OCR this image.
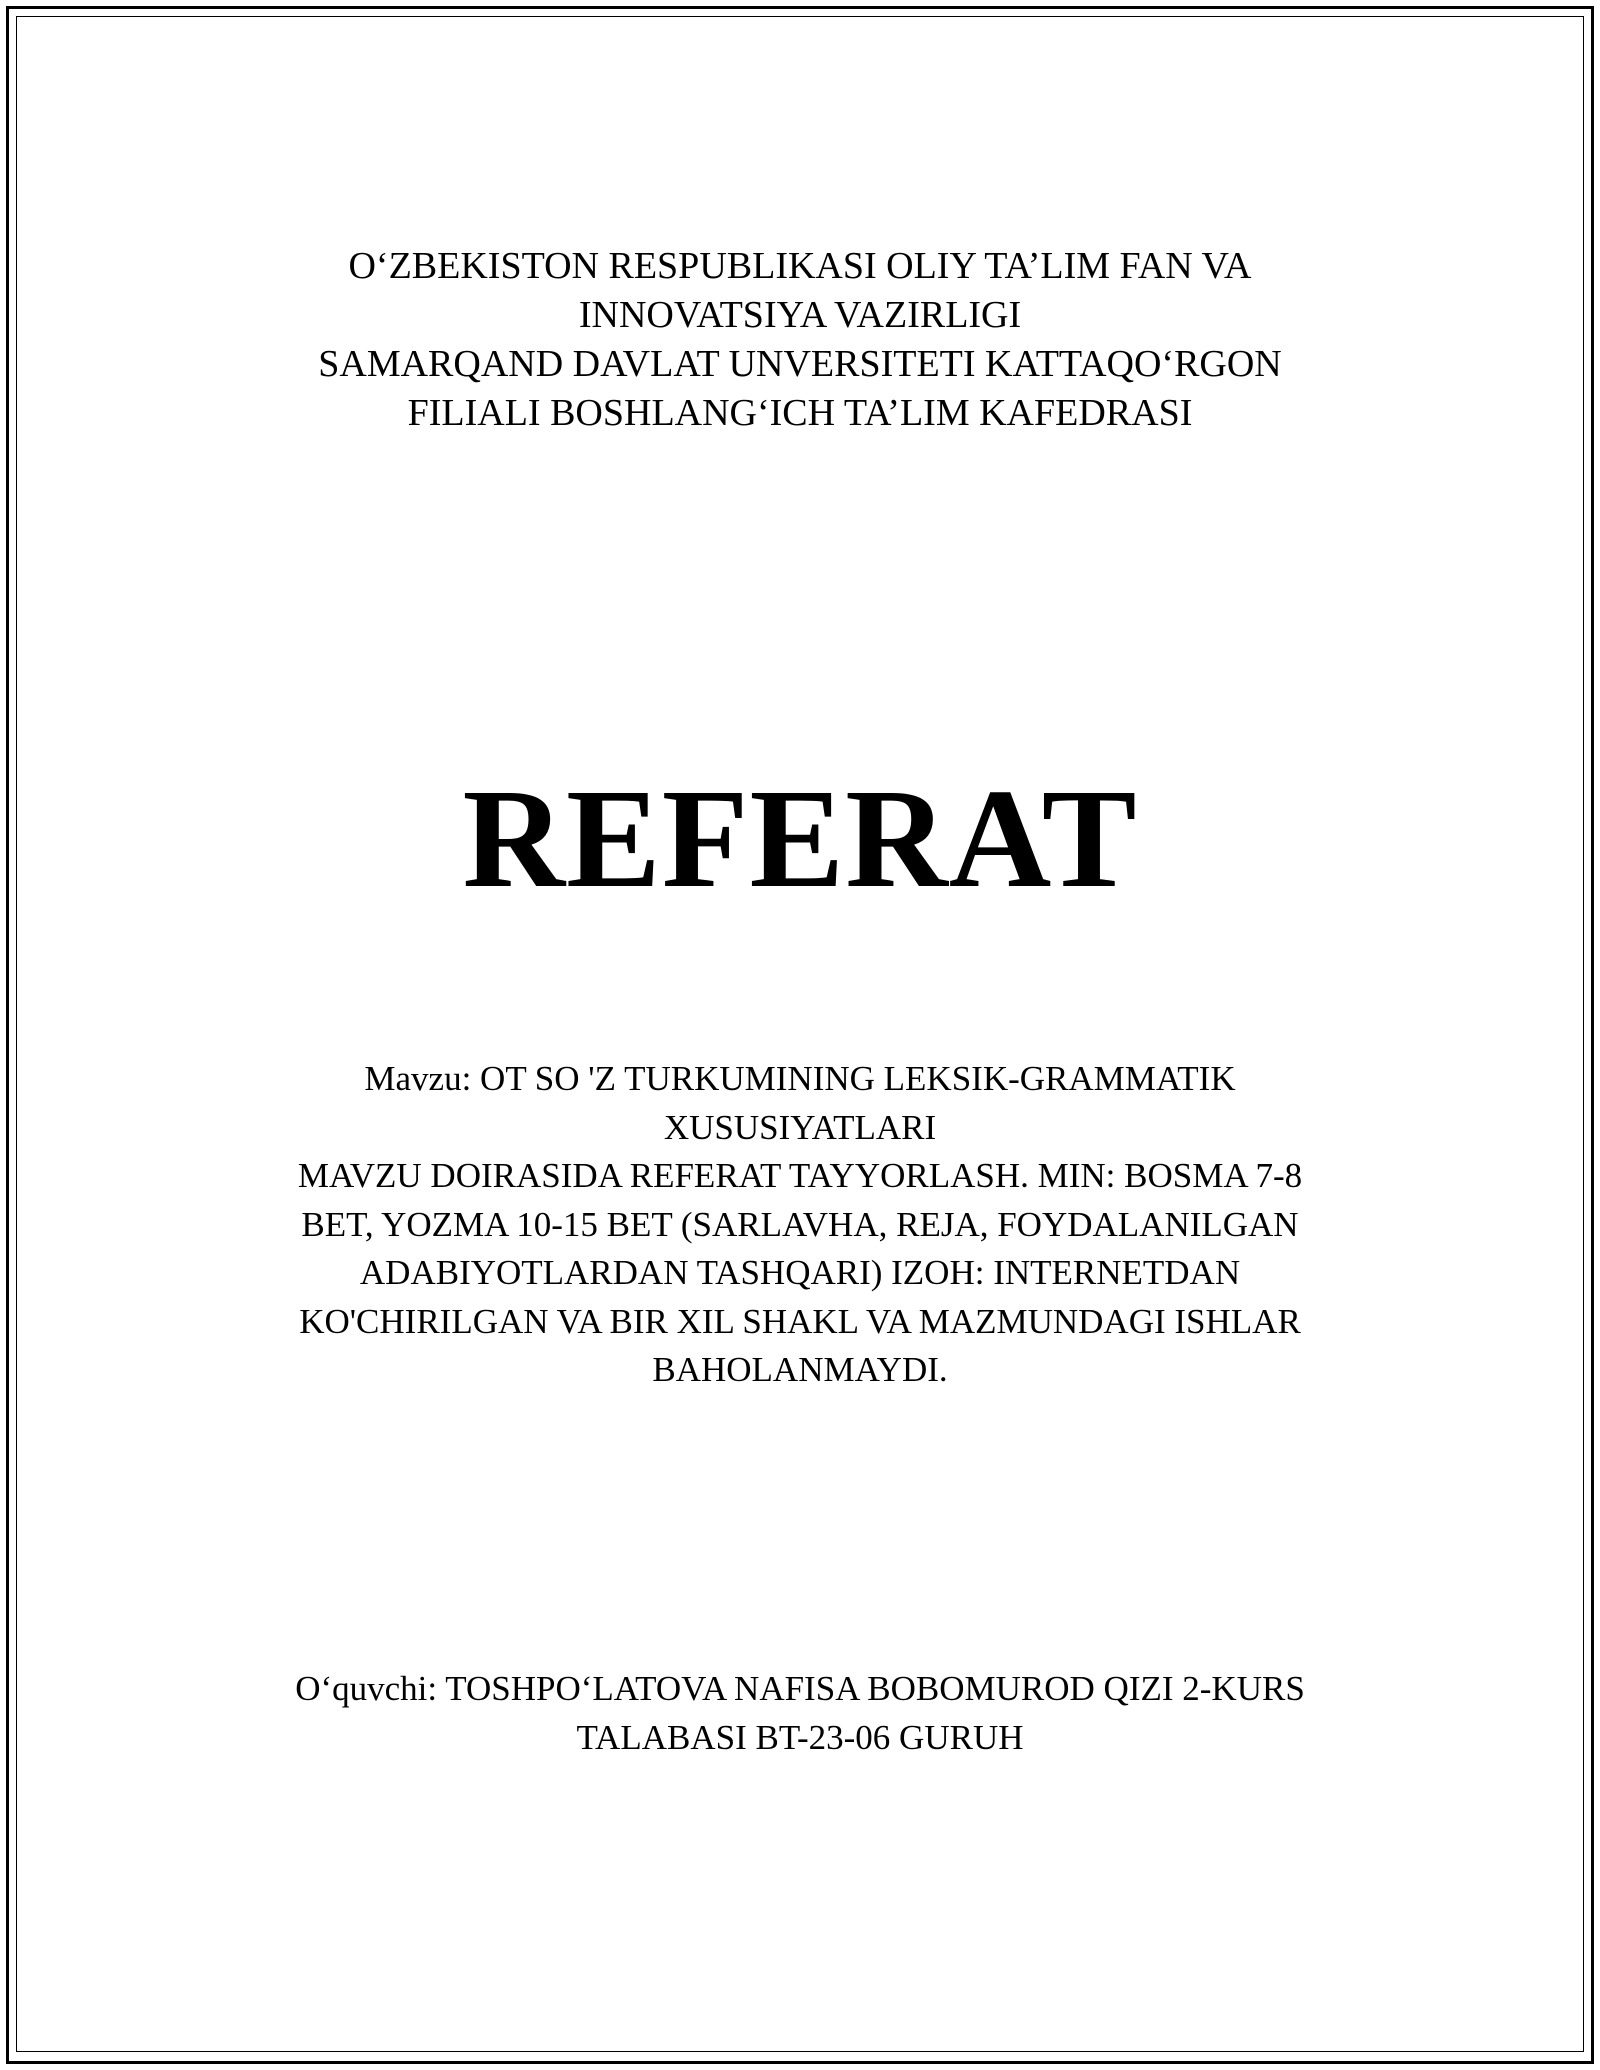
O‘ZBEKISTON RESPUBLIKASI OLIY TA’LIM FAN VA
INNOVATSIYA VAZIRLIGI
SAMARQAND DAVLAT UNVERSITETI KATTAQO‘RGON
FILIALI BOSHLANG‘ICH TA’LIM KAFEDRASI
REFERAT
Mavzu: OT SO 'Z TURKUMINING LEKSIK-GRAMMATIK
XUSUSIYATLARI
MAVZU DOIRASIDA REFERAT TAYYORLASH. MIN: BOSMA 7-8
BET, YOZMA 10-15 BET (SARLAVHA, REJA, FOYDALANILGAN
ADABIYOTLARDAN TASHQARI) IZOH: INTERNETDAN
KO'CHIRILGAN VA BIR XIL SHAKL VA MAZMUNDAGI ISHLAR
BAHOLANMAYDI.
O‘quvchi: TOSHPO‘LATOVA NAFISA BOBOMUROD QIZI 2-KURS
TALABASI BT-23-06 GURUH
